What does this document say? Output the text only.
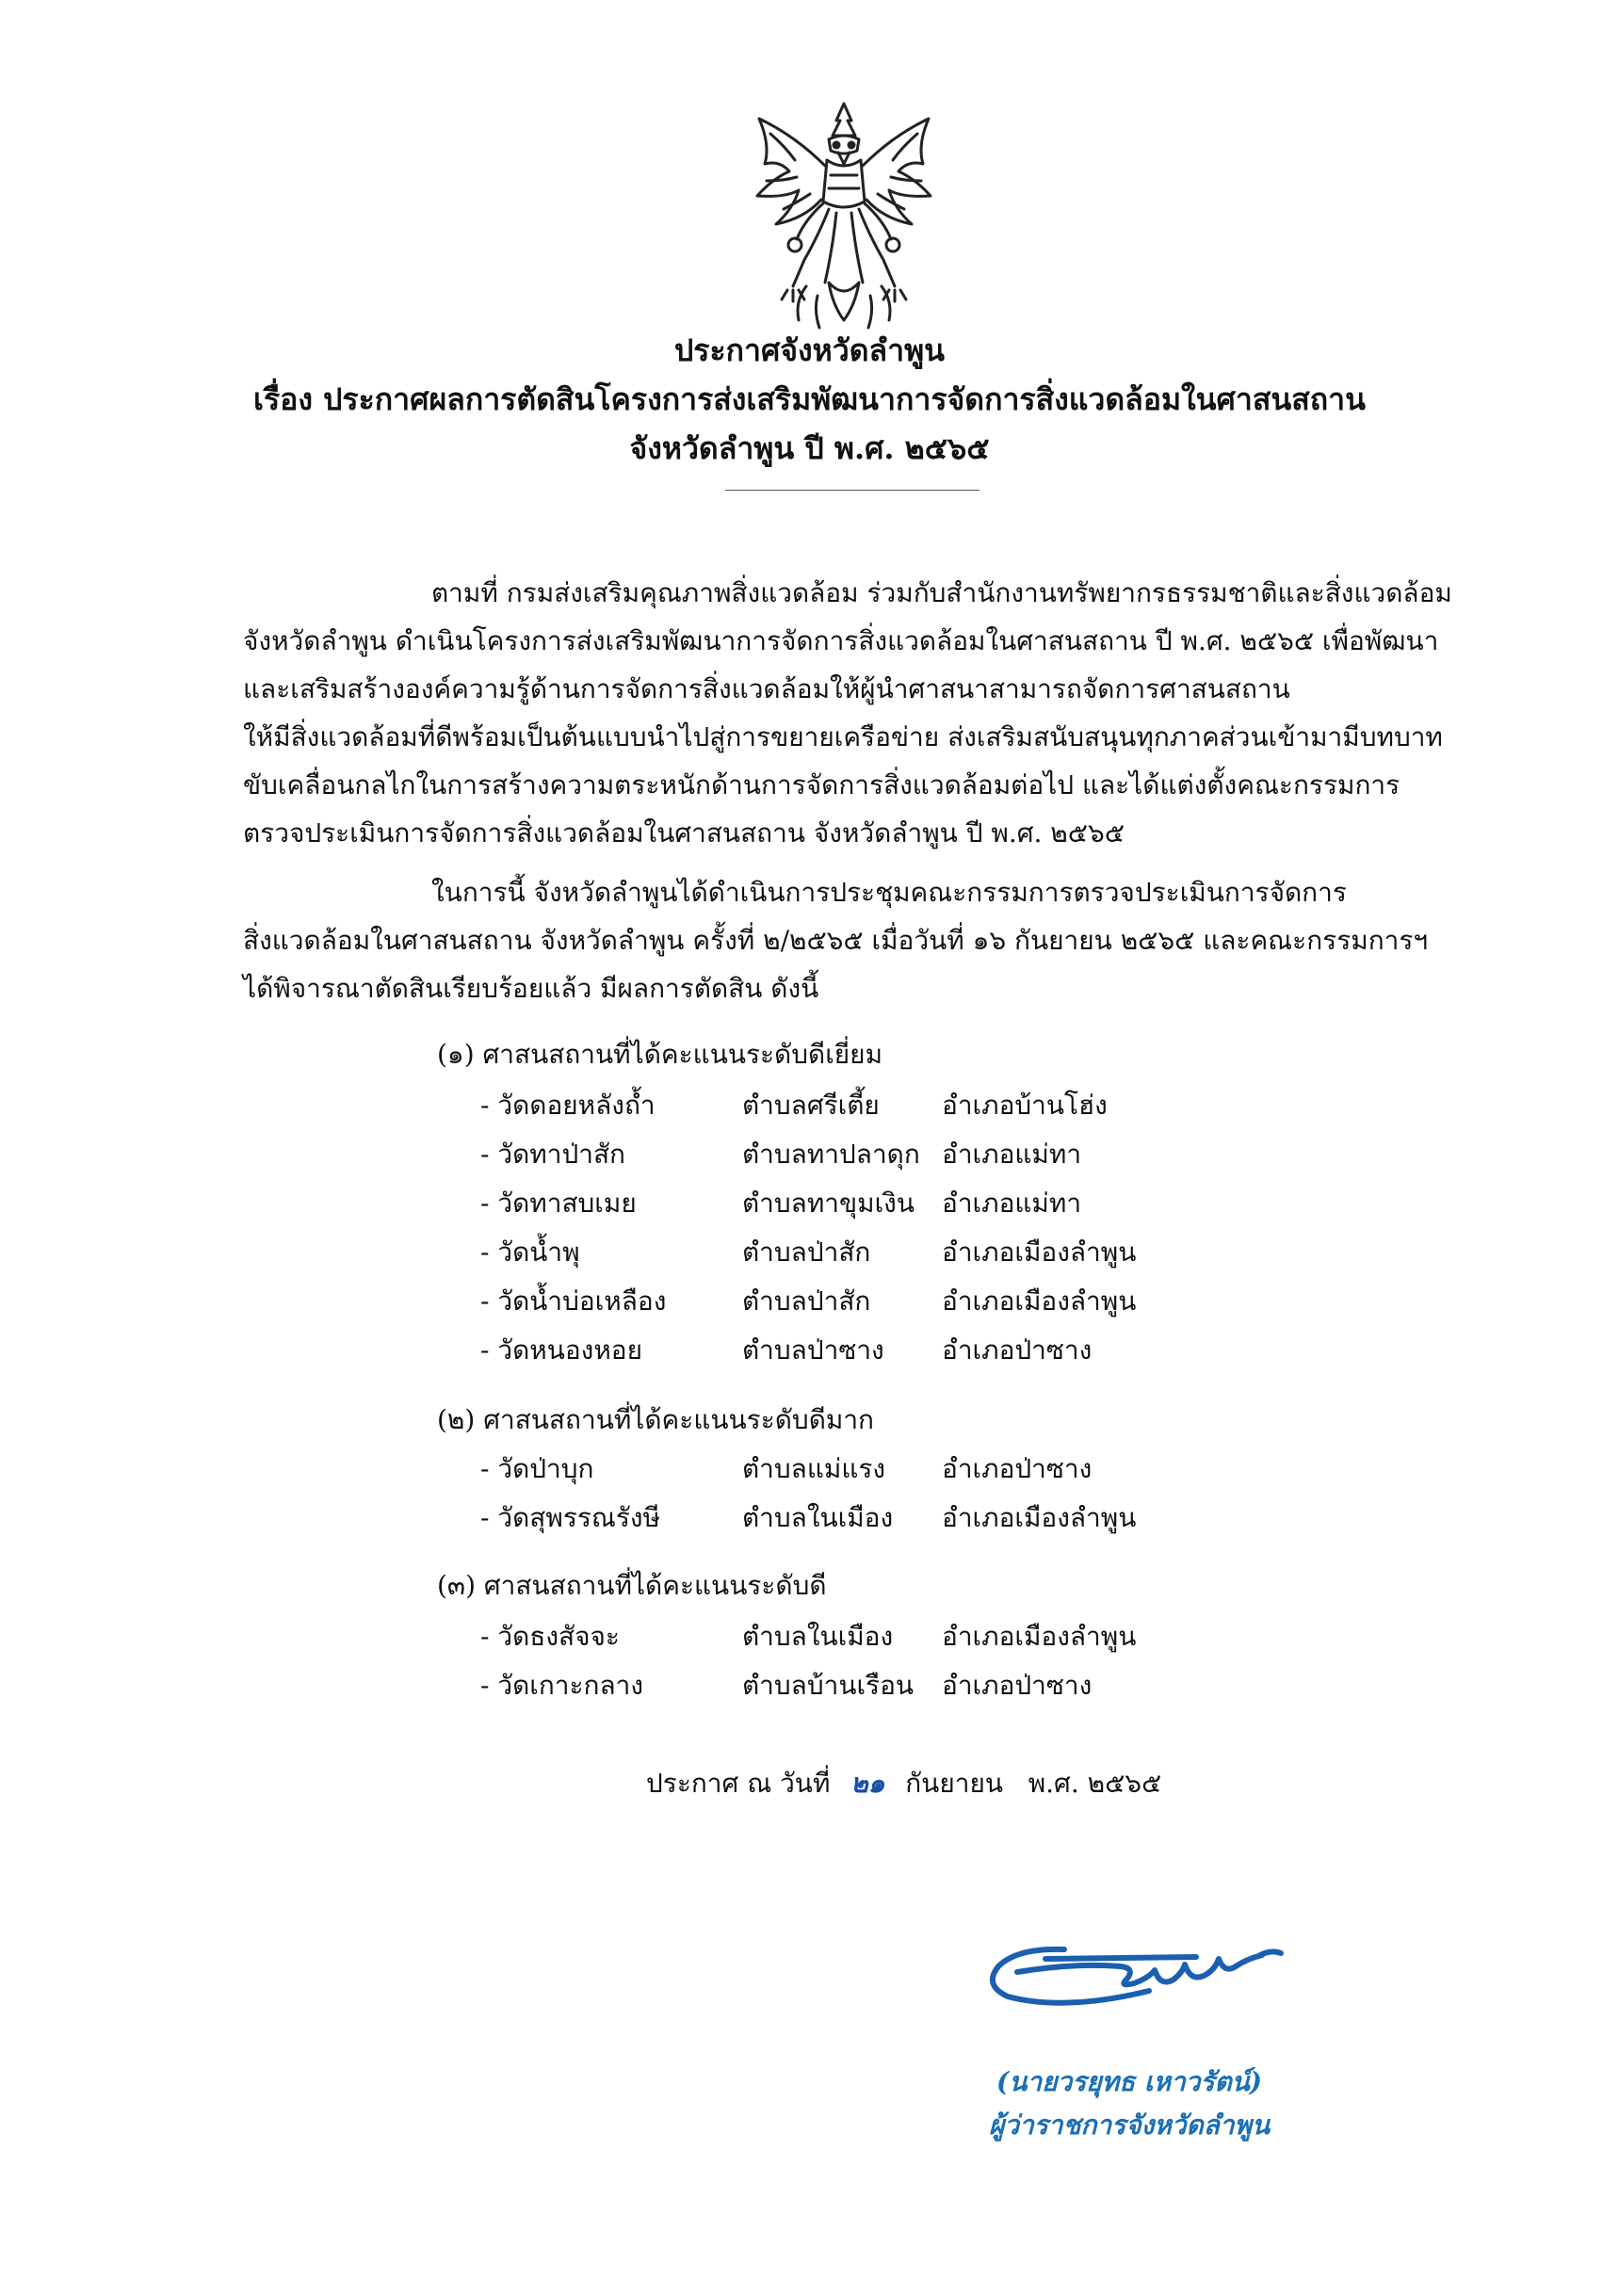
ประกาศจังหวัดลำพูน
เรื่อง ประกาศผลการตัดสินโครงการส่งเสริมพัฒนาการจัดการสิ่งแวดล้อมในศาสนสถาน
จังหวัดลำพูน ปี พ.ศ. ๒๕๖๕
ตามที่ กรมส่งเสริมคุณภาพสิ่งแวดล้อม ร่วมกับสำนักงานทรัพยากรธรรมชาติและสิ่งแวดล้อม
จังหวัดลำพูน ดำเนินโครงการส่งเสริมพัฒนาการจัดการสิ่งแวดล้อมในศาสนสถาน ปี พ.ศ. ๒๕๖๕ เพื่อพัฒนา
และเสริมสร้างองค์ความรู้ด้านการจัดการสิ่งแวดล้อมให้ผู้นำศาสนาสามารถจัดการศาสนสถาน
ให้มีสิ่งแวดล้อมที่ดีพร้อมเป็นต้นแบบนำไปสู่การขยายเครือข่าย ส่งเสริมสนับสนุนทุกภาคส่วนเข้ามามีบทบาท
ขับเคลื่อนกลไกในการสร้างความตระหนักด้านการจัดการสิ่งแวดล้อมต่อไป และได้แต่งตั้งคณะกรรมการ
ตรวจประเมินการจัดการสิ่งแวดล้อมในศาสนสถาน จังหวัดลำพูน ปี พ.ศ. ๒๕๖๕
ในการนี้ จังหวัดลำพูนได้ดำเนินการประชุมคณะกรรมการตรวจประเมินการจัดการ
สิ่งแวดล้อมในศาสนสถาน จังหวัดลำพูน ครั้งที่ ๒/๒๕๖๕ เมื่อวันที่ ๑๖ กันยายน ๒๕๖๕ และคณะกรรมการฯ
ได้พิจารณาตัดสินเรียบร้อยแล้ว มีผลการตัดสิน ดังนี้
(๑) ศาสนสถานที่ได้คะแนนระดับดีเยี่ยม
- วัดดอยหลังถ้ำ	ตำบลศรีเตี้ย อำเภอบ้านโฮ่ง
- วัดทาป่าสัก	ตำบลทาปลาดุก อำเภอแม่ทา
- วัดทาสบเมย	ตำบลทาขุมเงิน อำเภอแม่ทา
- วัดน้ำพุ	ตำบลป่าสัก	อำเภอเมืองลำพูน
- วัดน้ำบ่อเหลือง	ตำบลป่าสัก	อำเภอเมืองลำพูน
- วัดหนองหอย	ตำบลป่าซาง อำเภอป่าซาง
(๒) ศาสนสถานที่ได้คะแนนระดับดีมาก
- วัดป่าบุก	ตำบลแม่แรง อำเภอป่าซาง
- วัดสุพรรณรังษี	ตำบลในเมือง อำเภอเมืองลำพูน
(๓) ศาสนสถานที่ได้คะแนนระดับดี
- วัดธงสัจจะ	ตำบลในเมือง อำเภอเมืองลำพูน
- วัดเกาะกลาง	ตำบลบ้านเรือน อำเภอป่าซาง
ประกาศ ณ วันที่ ๒๑ กันยายน พ.ศ. ๒๕๖๕
(นายวรยุทธ เหาวรัตน์)
ผู้ว่าราชการจังหวัดลำพูน
